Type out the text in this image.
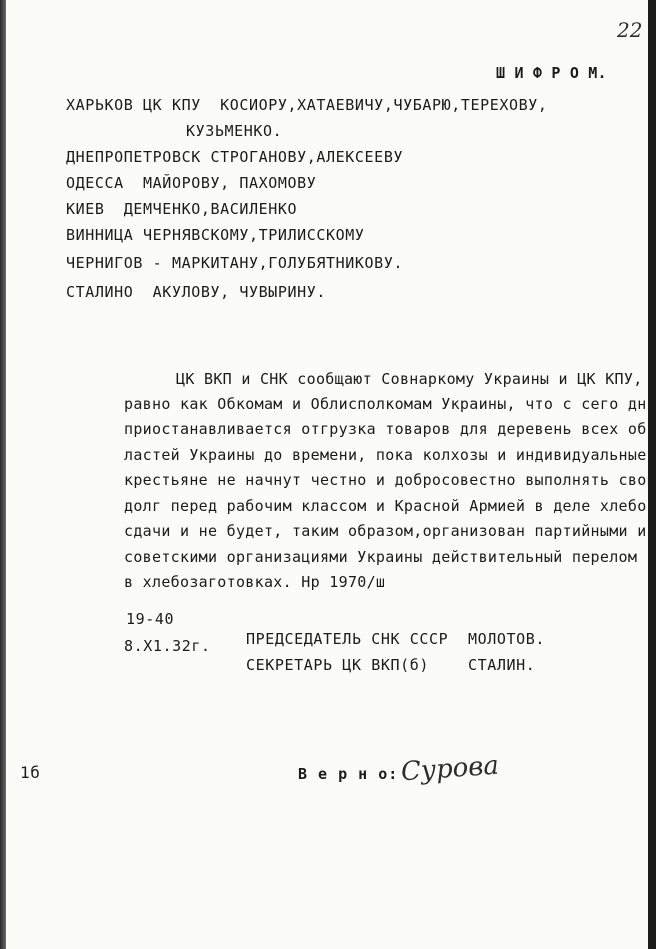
22
Ш И Ф Р О М.
ХАРЬКОВ ЦК КПУ  КОСИОРУ,ХАТАЕВИЧУ,ЧУБАРЮ,ТЕРЕХОВУ,
КУЗЬМЕНКО.
ДНЕПРОПЕТРОВСК СТРОГАНОВУ,АЛЕКСЕЕВУ
ОДЕССА  МАЙОРОВУ, ПАХОМОВУ
КИЕВ  ДЕМЧЕНКО,ВАСИЛЕНКО
ВИННИЦА ЧЕРНЯВСКОМУ,ТРИЛИССКОМУ
ЧЕРНИГОВ - МАРКИТАНУ,ГОЛУБЯТНИКОВУ.
СТАЛИНО  АКУЛОВУ, ЧУВЫРИНУ.
ЦК ВКП и СНК сообщают Совнаркому Украины и ЦК КПУ,
равно как Обкомам и Облисполкомам Украины, что с сего дня
приостанавливается отгрузка товаров для деревень всех об-
ластей Украины до времени, пока колхозы и индивидуальные
крестьяне не начнут честно и добросовестно выполнять свой
долг перед рабочим классом и Красной Армией в деле хлебо-
сдачи и не будет, таким образом,организован партийными и
советскими организациями Украины действительный перелом
в хлебозаготовках. Нр 1970/ш
19-40
8.Х1.32г. ПРЕДСЕДАТЕЛЬ СНК СССР МОЛОТОВ.
СЕКРЕТАРЬ ЦК ВКП(б)	СТАЛИН.
1б	В е р н о: Сурова
